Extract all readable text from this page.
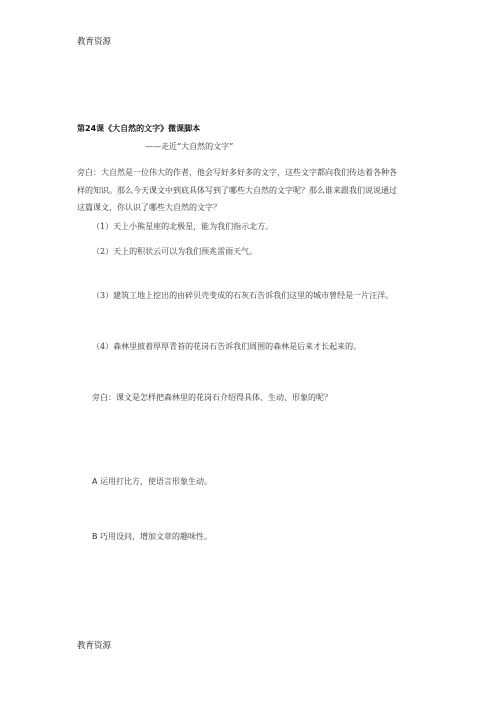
教育资源
第24课《大自然的文字》微课脚本
——走近“大自然的文字”
旁白：大自然是一位伟大的作者，他会写好多好多的文字，这些文字都向我们传达着各种各
样的知识。那么今天课文中到底具体写到了哪些大自然的文字呢？那么谁来跟我们说说通过
这篇课文，你认识了哪些大自然的文字？
（1）天上小熊星座的北极星，能为我们指示北方。
（2）天上的积状云可以为我们预兆雷雨天气。
（3）建筑工地上挖出的由碎贝壳变成的石灰石告诉我们这里的城市曾经是一片汪洋。
（4）森林里披着厚厚青苔的花岗石告诉我们周围的森林是后来才长起来的。
旁白：课文是怎样把森林里的花岗石介绍得具体、生动、形象的呢？
A 运用打比方，使语言形象生动。
B 巧用设问，增加文章的趣味性。
教育资源
